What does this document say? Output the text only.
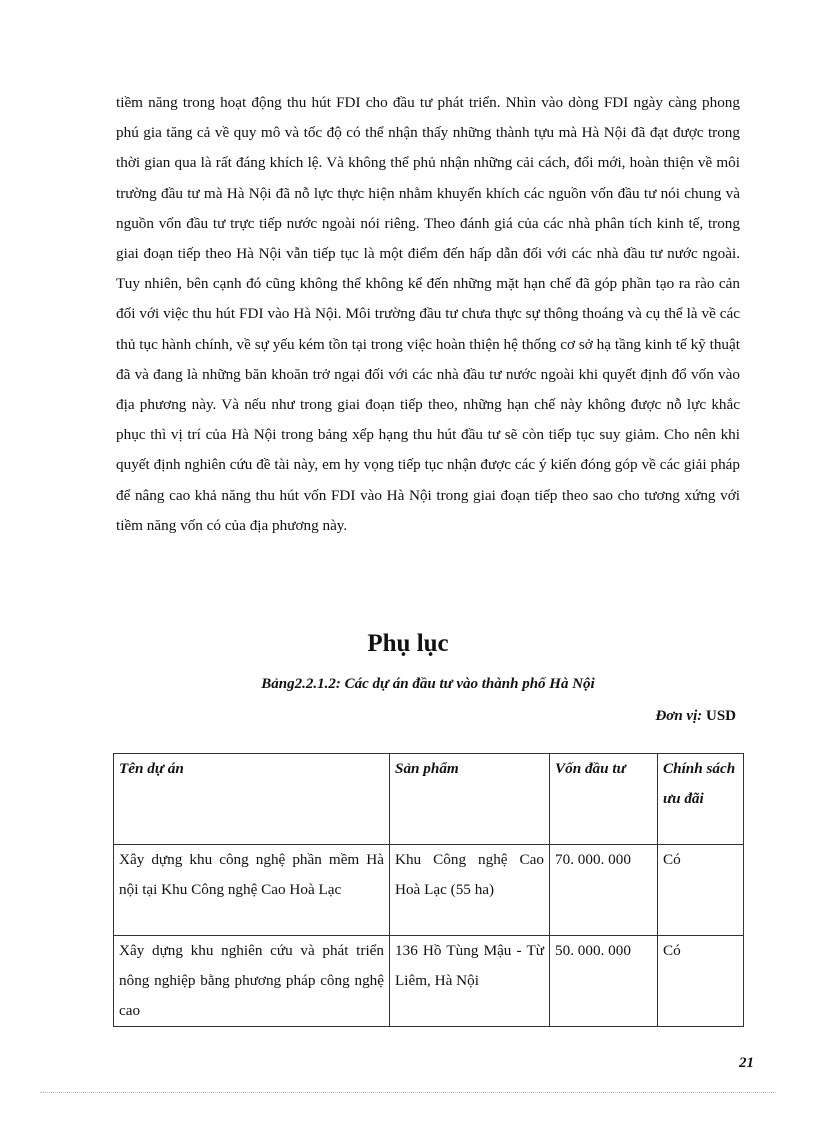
tiềm năng trong hoạt động thu hút FDI cho đầu tư phát triển. Nhìn vào dòng FDI ngày càng phong phú gia tăng cả về quy mô và tốc độ có thể nhận thấy những thành tựu mà Hà Nội đã đạt được trong thời gian qua là rất đáng khích lệ. Và không thể phủ nhận những cải cách, đổi mới, hoàn thiện về môi trường đầu tư mà Hà Nội đã nỗ lực thực hiện nhằm khuyến khích các nguồn vốn đầu tư nói chung và nguồn vốn đầu tư trực tiếp nước ngoài nói riêng. Theo đánh giá của các nhà phân tích kinh tế, trong giai đoạn tiếp theo Hà Nội vẫn tiếp tục là một điểm đến hấp dẫn đối với các nhà đầu tư nước ngoài. Tuy nhiên, bên cạnh đó cũng không thể không kể đến những mặt hạn chế đã góp phần tạo ra rào cản đối với việc thu hút FDI vào Hà Nội. Môi trường đầu tư chưa thực sự thông thoáng và cụ thể là về các thủ tục hành chính, về sự yếu kém tồn tại trong việc hoàn thiện hệ thống cơ sở hạ tầng kinh tế kỹ thuật đã và đang là những băn khoăn trở ngại đối với các nhà đầu tư nước ngoài khi quyết định đổ vốn vào địa phương này. Và nếu như trong giai đoạn tiếp theo, những hạn chế này không được nỗ lực khắc phục thì vị trí của Hà Nội trong bảng xếp hạng thu hút đầu tư sẽ còn tiếp tục suy giảm. Cho nên khi quyết định nghiên cứu đề tài này, em hy vọng tiếp tục nhận được các ý kiến đóng góp về các giải pháp để nâng cao khả năng thu hút vốn FDI vào Hà Nội trong giai đoạn tiếp theo sao cho tương xứng với tiềm năng vốn có của địa phương này.

Phụ lục
Bảng2.2.1.2: Các dự án đầu tư vào thành phố Hà Nội
Đơn vị: USD
Tên dự án	Sản phẩm	Vốn đầu tư	Chính sách ưu đãi
Xây dựng khu công nghệ phần mềm Hà nội tại Khu Công nghệ Cao Hoà Lạc	Khu Công nghệ Cao Hoà Lạc (55 ha)	70. 000. 000	Có
Xây dựng khu nghiên cứu và phát triển nông nghiệp bằng phương pháp công nghệ cao	136 Hồ Tùng Mậu - Từ Liêm, Hà Nội	50. 000. 000	Có
21
